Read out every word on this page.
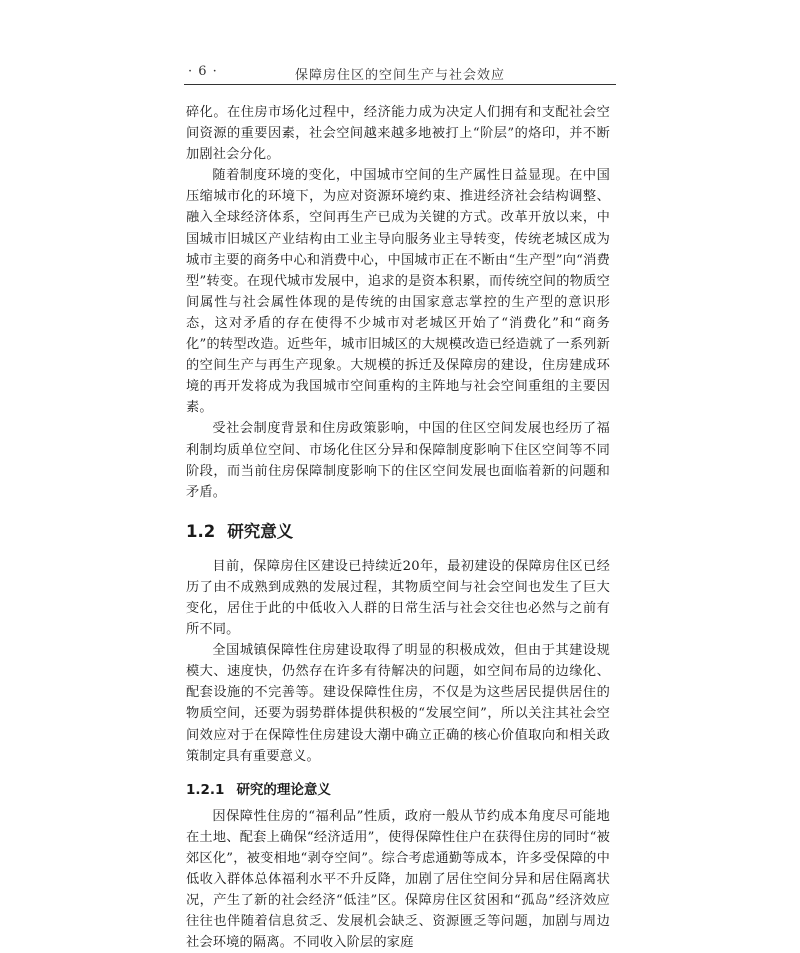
· 6 ·	保障房住区的空间生产与社会效应

碎化。在住房市场化过程中，经济能力成为决定人们拥有和支配社会空间资源的重要因素，社会空间越来越多地被打上“阶层”的烙印，并不断加剧社会分化。

随着制度环境的变化，中国城市空间的生产属性日益显现。在中国压缩城市化的环境下，为应对资源环境约束、推进经济社会结构调整、融入全球经济体系，空间再生产已成为关键的方式。改革开放以来，中国城市旧城区产业结构由工业主导向服务业主导转变，传统老城区成为城市主要的商务中心和消费中心，中国城市正在不断由“生产型”向“消费型”转变。在现代城市发展中，追求的是资本积累，而传统空间的物质空间属性与社会属性体现的是传统的由国家意志掌控的生产型的意识形态，这对矛盾的存在使得不少城市对老城区开始了“消费化”和“商务化”的转型改造。近些年，城市旧城区的大规模改造已经造就了一系列新的空间生产与再生产现象。大规模的拆迁及保障房的建设，住房建成环境的再开发将成为我国城市空间重构的主阵地与社会空间重组的主要因素。

受社会制度背景和住房政策影响，中国的住区空间发展也经历了福利制均质单位空间、市场化住区分异和保障制度影响下住区空间等不同阶段，而当前住房保障制度影响下的住区空间发展也面临着新的问题和矛盾。

1.2 研究意义

目前，保障房住区建设已持续近20年，最初建设的保障房住区已经历了由不成熟到成熟的发展过程，其物质空间与社会空间也发生了巨大变化，居住于此的中低收入人群的日常生活与社会交往也必然与之前有所不同。

全国城镇保障性住房建设取得了明显的积极成效，但由于其建设规模大、速度快，仍然存在许多有待解决的问题，如空间布局的边缘化、配套设施的不完善等。建设保障性住房，不仅是为这些居民提供居住的物质空间，还要为弱势群体提供积极的“发展空间”，所以关注其社会空间效应对于在保障性住房建设大潮中确立正确的核心价值取向和相关政策制定具有重要意义。

1.2.1 研究的理论意义

因保障性住房的“福利品”性质，政府一般从节约成本角度尽可能地在土地、配套上确保“经济适用”，使得保障性住户在获得住房的同时“被郊区化”，被变相地“剥夺空间”。综合考虑通勤等成本，许多受保障的中低收入群体总体福利水平不升反降，加剧了居住空间分异和居住隔离状况，产生了新的社会经济“低洼”区。保障房住区贫困和“孤岛”经济效应往往也伴随着信息贫乏、发展机会缺乏、资源匮乏等问题，加剧与周边社会环境的隔离。不同收入阶层的家庭
